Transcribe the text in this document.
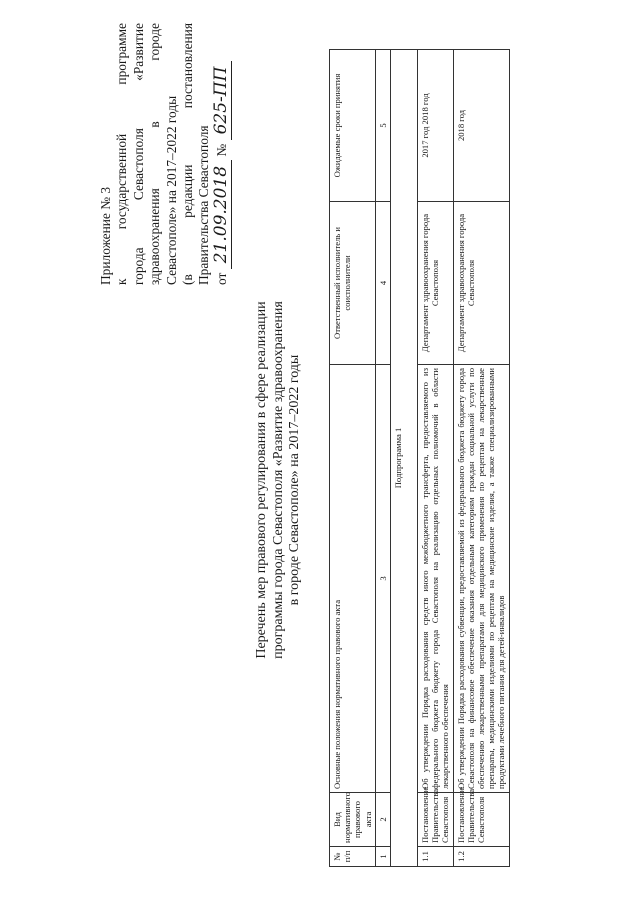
Приложение № 3 к государственной программе города Севастополя «Развитие здравоохранения в городе Севастополе» на 2017–2022 годы (в редакции постановления Правительства Севастополя от 21.09.2018 № 625-ПП
Перечень мер правового регулирования в сфере реализации программы города Севастополя «Развитие здравоохранения в городе Севастополе» на 2017–2022 годы
№ п/п	Вид нормативного правового акта	Основные положения нормативного правового акта	Ответственный исполнитель и соисполнители	Ожидаемые сроки принятия
1	2	3	4	5
Подпрограмма 1				
1.1	Постановление Правительства Севастополя	Об утверждении Порядка расходования средств иного межбюджетного трансферта, предоставляемого из федерального бюджета бюджету города Севастополя на реализацию отдельных полномочий в области лекарственного обеспечения	Департамент здравоохранения города Севастополя	2017 год 2018 год
1.2	Постановление Правительства Севастополя	Об утверждении Порядка расходования субвенции, предоставляемой из федерального бюджета бюджету города Севастополя на финансовое обеспечение оказания отдельным категориям граждан социальной услуги по обеспечению лекарственными препаратами для медицинского применения по рецептам на лекарственные препараты, медицинскими изделиями по рецептам на медицинские изделия, а также специализированными продуктами лечебного питания для детей-инвалидов	Департамент здравоохранения города Севастополя	2018 год
